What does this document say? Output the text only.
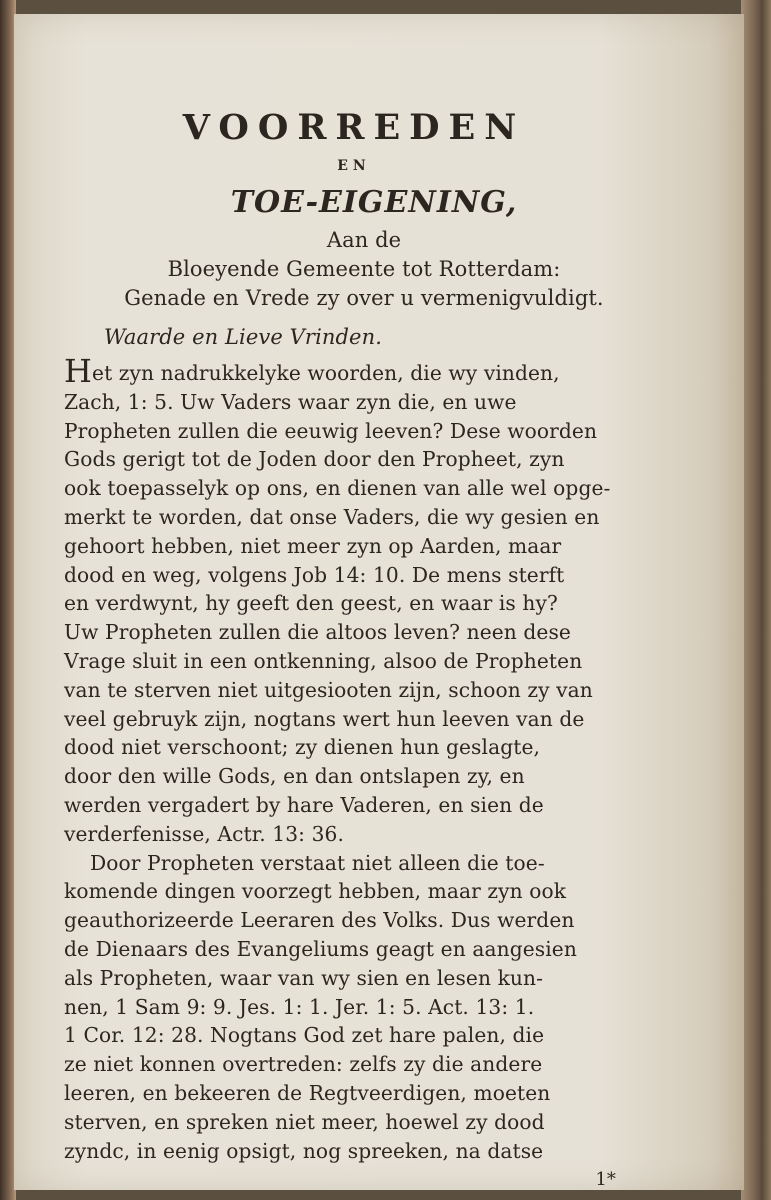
VOORREDEN
EN
TOE-EIGENING,
Aan de
Bloeyende Gemeente tot Rotterdam:
Genade en Vrede zy over u vermenigvuldigt.
Waarde en Lieve Vrinden.
Het zyn nadrukkelyke woorden, die wy vinden,
Zach, 1: 5. Uw Vaders waar zyn die, en uwe
Propheten zullen die eeuwig leeven? Dese woorden
Gods gerigt tot de Joden door den Propheet, zyn
ook toepasselyk op ons, en dienen van alle wel opge-
merkt te worden, dat onse Vaders, die wy gesien en
gehoort hebben, niet meer zyn op Aarden, maar
dood en weg, volgens Job 14: 10. De mens sterft
en verdwynt, hy geeft den geest, en waar is hy?
Uw Propheten zullen die altoos leven? neen dese
Vrage sluit in een ontkenning, alsoo de Propheten
van te sterven niet uitgesiooten zijn, schoon zy van
veel gebruyk zijn, nogtans wert hun leeven van de
dood niet verschoont; zy dienen hun geslagte,
door den wille Gods, en dan ontslapen zy, en
werden vergadert by hare Vaderen, en sien de
verderfenisse, Actr. 13: 36.
Door Propheten verstaat niet alleen die toe-
komende dingen voorzegt hebben, maar zyn ook
geauthorizeerde Leeraren des Volks. Dus werden
de Dienaars des Evangeliums geagt en aangesien
als Propheten, waar van wy sien en lesen kun-
nen, 1 Sam 9: 9. Jes. 1: 1. Jer. 1: 5. Act. 13: 1.
1 Cor. 12: 28. Nogtans God zet hare palen, die
ze niet konnen overtreden: zelfs zy die andere
leeren, en bekeeren de Regtveerdigen, moeten
sterven, en spreken niet meer, hoewel zy dood
zyndc, in eenig opsigt, nog spreeken, na datse
1*
